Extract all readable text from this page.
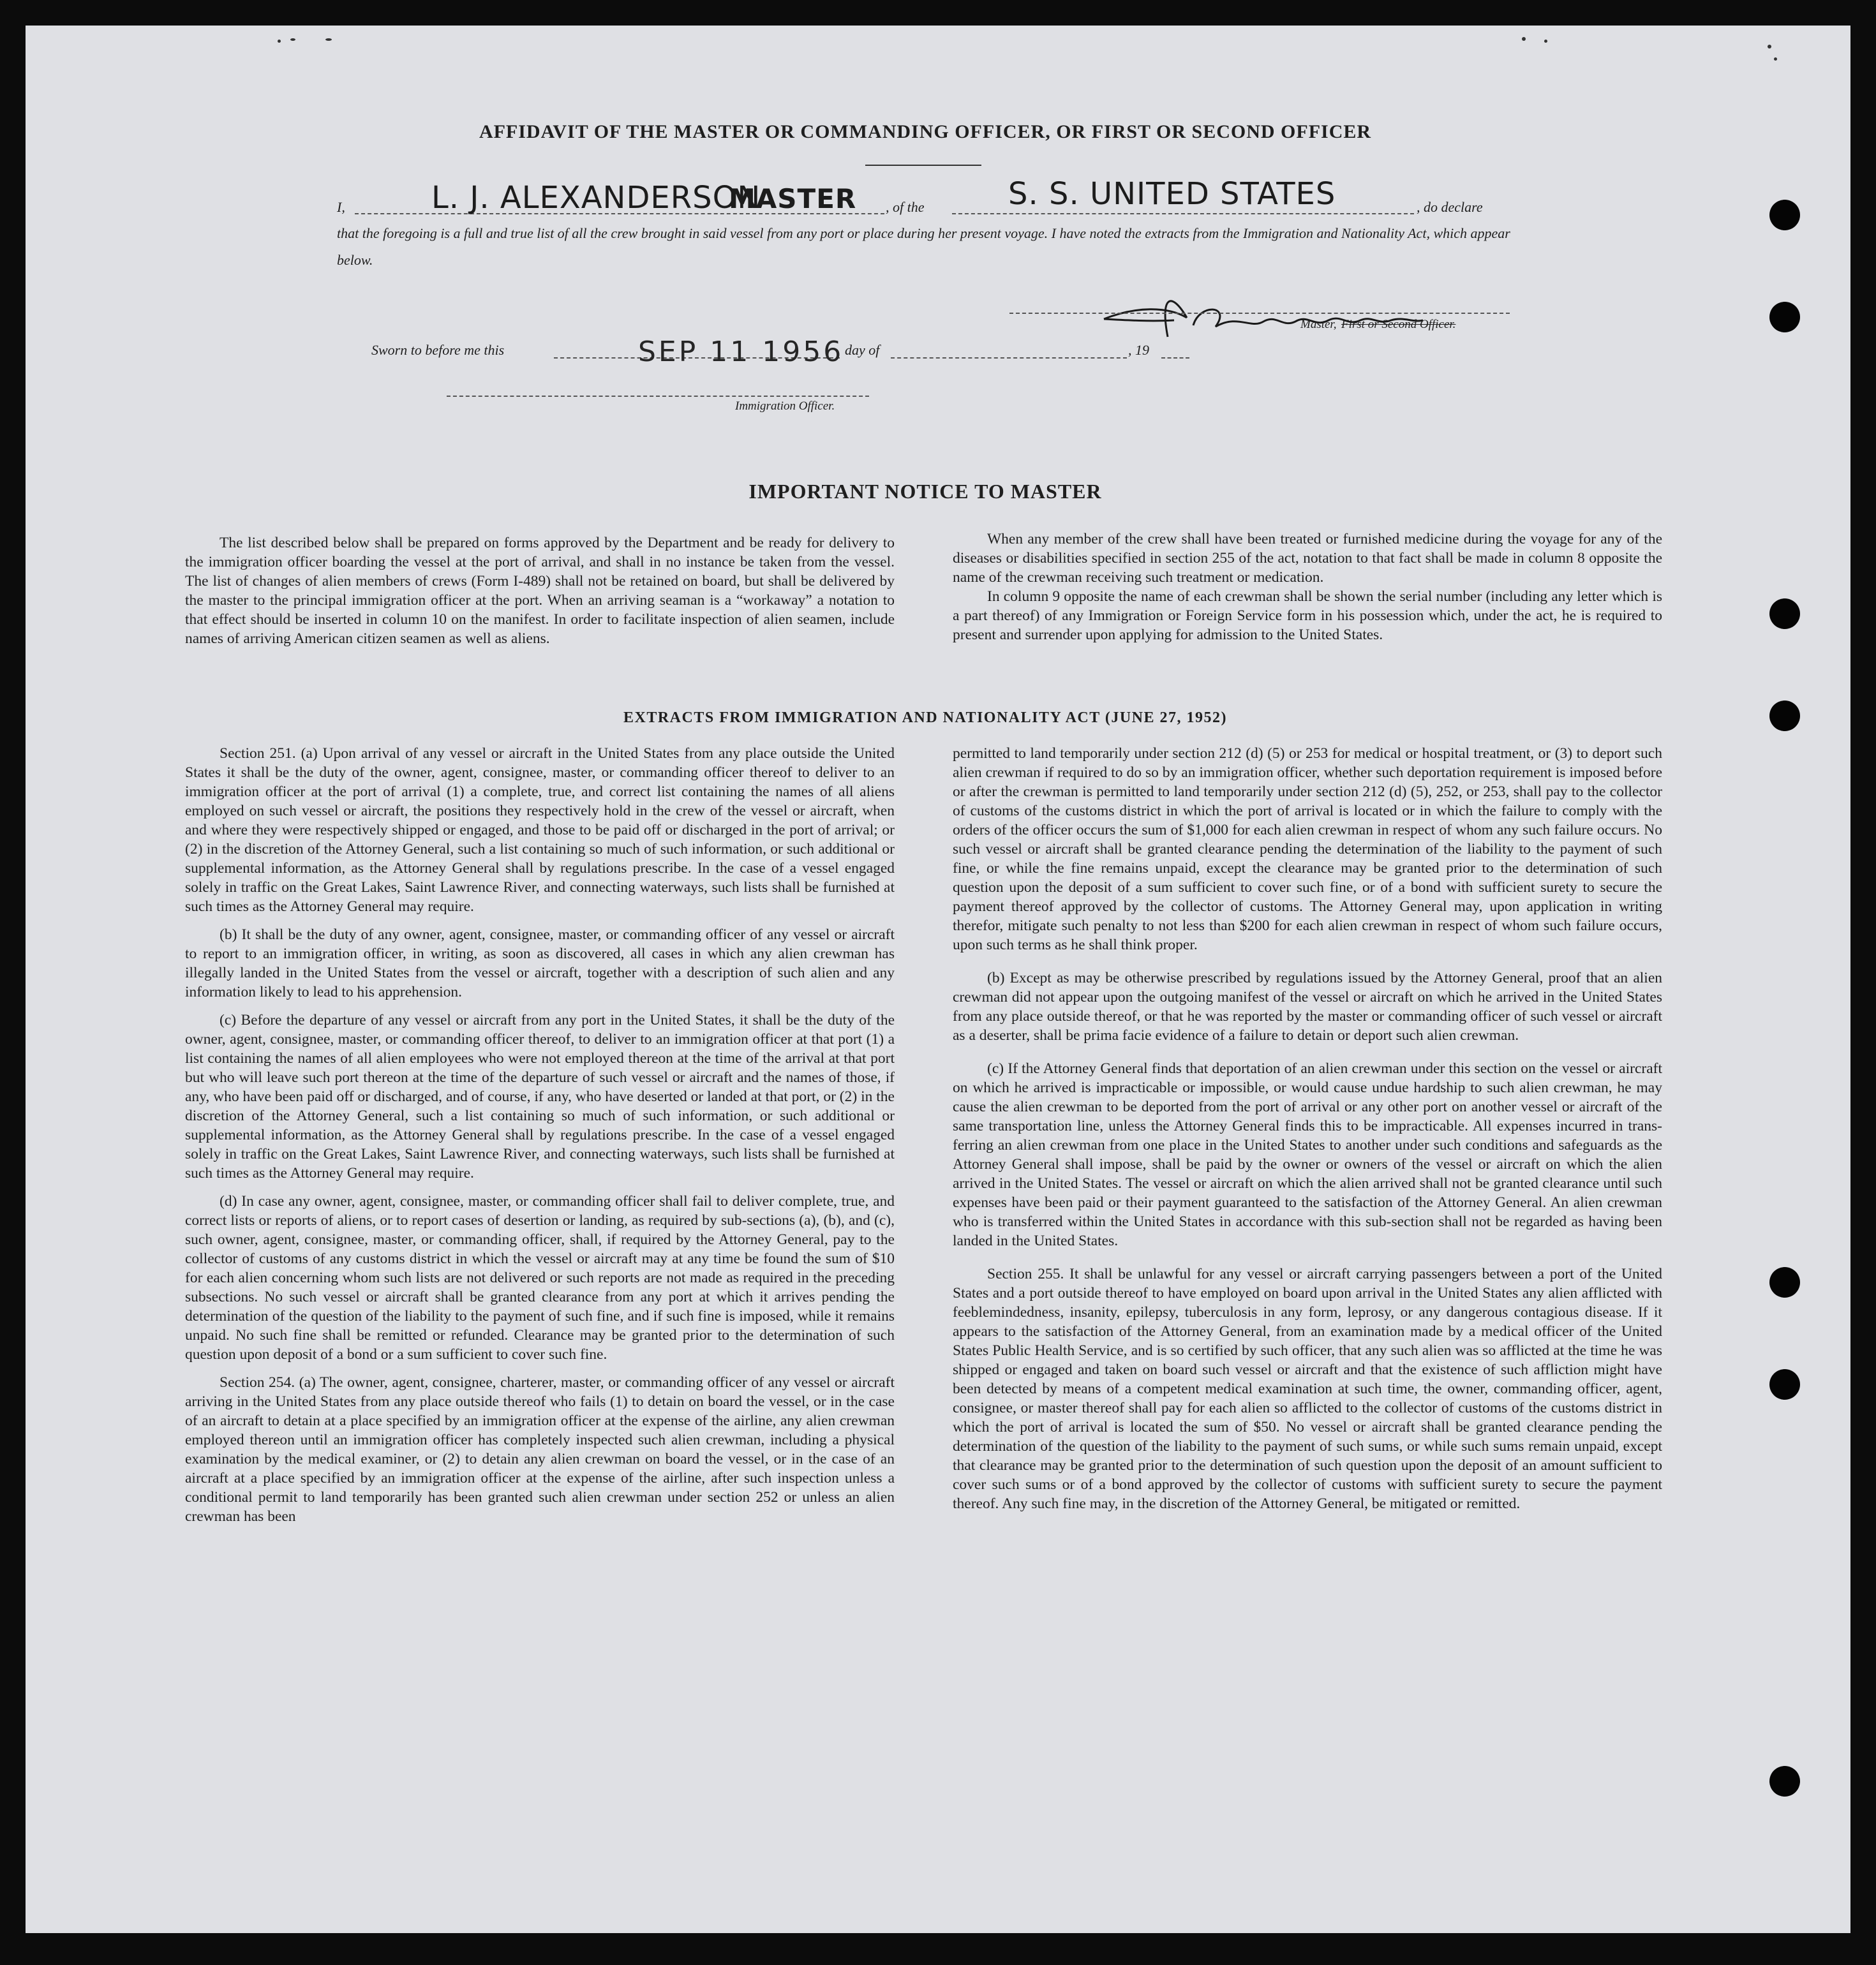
AFFIDAVIT OF THE MASTER OR COMMANDING OFFICER, OR FIRST OR SECOND OFFICER
I,	L. J. ALEXANDERSON
MASTER , of the	S. S. UNITED STATES	, do declare
that the foregoing is a full and true list of all the crew brought in said vessel from any port or place during her present voyage. I have noted the extracts from the Immigration and Nationality Act, which appear below.
Master, First or Second Officer.
Sworn to before me this	SEP 11 1956 day of	, 19
Immigration Officer.
IMPORTANT NOTICE TO MASTER

The list described below shall be prepared on forms approved by the Department and be ready for delivery to the immigration officer boarding the vessel at the port of arrival, and shall in no instance be taken from the vessel. The list of changes of alien members of crews (Form I-489) shall not be retained on board, but shall be delivered by the master to the principal immigration officer at the port. When an arriving seaman is a “workaway” a notation to that effect should be inserted in column 10 on the manifest. In order to facilitate inspection of alien seamen, include names of arriving American citizen seamen as well as aliens.

When any member of the crew shall have been treated or furnished medicine during the voyage for any of the diseases or disabilities specified in section 255 of the act, notation to that fact shall be made in column 8 opposite the name of the crewman receiving such treatment or medication.

In column 9 opposite the name of each crewman shall be shown the serial number (including any letter which is a part thereof) of any Immigration or Foreign Service form in his possession which, under the act, he is required to present and surrender upon applying for admission to the United States.

EXTRACTS FROM IMMIGRATION AND NATIONALITY ACT (JUNE 27, 1952)

Section 251. (a) Upon arrival of any vessel or aircraft in the United States from any place outside the United States it shall be the duty of the owner, agent, consignee, master, or commanding officer thereof to deliver to an immigration officer at the port of arrival (1) a complete, true, and correct list containing the names of all aliens employed on such vessel or aircraft, the positions they respectively hold in the crew of the vessel or aircraft, when and where they were respectively shipped or engaged, and those to be paid off or discharged in the port of arrival; or (2) in the discretion of the Attorney General, such a list containing so much of such information, or such additional or supplemental information, as the Attorney General shall by regulations prescribe. In the case of a vessel engaged solely in traffic on the Great Lakes, Saint Lawrence River, and connecting waterways, such lists shall be furnished at such times as the Attorney General may require.

(b) It shall be the duty of any owner, agent, consignee, master, or commanding officer of any vessel or aircraft to report to an immigration officer, in writing, as soon as discovered, all cases in which any alien crewman has illegally landed in the United States from the vessel or aircraft, together with a description of such alien and any information likely to lead to his apprehension.

(c) Before the departure of any vessel or aircraft from any port in the United States, it shall be the duty of the owner, agent, consignee, master, or commanding officer thereof, to deliver to an immigration officer at that port (1) a list containing the names of all alien employees who were not employed thereon at the time of the arrival at that port but who will leave such port thereon at the time of the departure of such vessel or aircraft and the names of those, if any, who have been paid off or discharged, and of course, if any, who have deserted or landed at that port, or (2) in the discretion of the Attorney General, such a list containing so much of such information, or such additional or supplemental information, as the Attorney General shall by regulations prescribe. In the case of a vessel engaged solely in traffic on the Great Lakes, Saint Lawrence River, and connecting waterways, such lists shall be furnished at such times as the Attorney General may require.

(d) In case any owner, agent, consignee, master, or commanding officer shall fail to deliver complete, true, and correct lists or reports of aliens, or to report cases of desertion or landing, as required by sub-sections (a), (b), and (c), such owner, agent, consignee, master, or commanding officer, shall, if required by the Attorney General, pay to the collector of customs of any customs district in which the vessel or aircraft may at any time be found the sum of $10 for each alien concerning whom such lists are not delivered or such reports are not made as required in the preceding subsections. No such vessel or aircraft shall be granted clearance from any port at which it arrives pending the determination of the question of the liability to the payment of such fine, and if such fine is imposed, while it remains unpaid. No such fine shall be remitted or refunded. Clearance may be granted prior to the determination of such question upon deposit of a bond or a sum sufficient to cover such fine.

Section 254. (a) The owner, agent, consignee, charterer, master, or commanding officer of any vessel or aircraft arriving in the United States from any place outside thereof who fails (1) to detain on board the vessel, or in the case of an aircraft to detain at a place specified by an immigration officer at the expense of the airline, any alien crewman employed thereon until an immigration officer has completely inspected such alien crewman, including a physical examination by the medical examiner, or (2) to detain any alien crewman on board the vessel, or in the case of an aircraft at a place specified by an immigration officer at the expense of the airline, after such inspection unless a conditional permit to land temporarily has been granted such alien crewman under section 252 or unless an alien crewman has been

permitted to land temporarily under section 212 (d) (5) or 253 for medical or hospital treatment, or (3) to deport such alien crewman if required to do so by an immigration officer, whether such deportation requirement is imposed before or after the crewman is permitted to land temporarily under section 212 (d) (5), 252, or 253, shall pay to the collector of customs of the customs district in which the port of arrival is located or in which the failure to comply with the orders of the officer occurs the sum of $1,000 for each alien crewman in respect of whom any such failure occurs. No such vessel or aircraft shall be granted clearance pending the determination of the liability to the payment of such fine, or while the fine remains unpaid, except the clearance may be granted prior to the determination of such question upon the deposit of a sum sufficient to cover such fine, or of a bond with sufficient surety to secure the payment thereof approved by the collector of customs. The Attorney General may, upon application in writing therefor, mitigate such penalty to not less than $200 for each alien crewman in respect of whom such failure occurs, upon such terms as he shall think proper.

(b) Except as may be otherwise prescribed by regulations issued by the Attorney General, proof that an alien crewman did not appear upon the outgoing manifest of the vessel or aircraft on which he arrived in the United States from any place outside thereof, or that he was reported by the master or commanding officer of such vessel or aircraft as a deserter, shall be prima facie evidence of a failure to detain or deport such alien crewman.

(c) If the Attorney General finds that deportation of an alien crewman under this section on the vessel or aircraft on which he arrived is impracticable or impossible, or would cause undue hardship to such alien crewman, he may cause the alien crewman to be deported from the port of arrival or any other port on another vessel or aircraft of the same transportation line, unless the Attorney General finds this to be impracticable. All expenses incurred in transferring an alien crewman from one place in the United States to another under such conditions and safeguards as the Attorney General shall impose, shall be paid by the owner or owners of the vessel or aircraft on which the alien arrived in the United States. The vessel or aircraft on which the alien arrived shall not be granted clearance until such expenses have been paid or their payment guaranteed to the satisfaction of the Attorney General. An alien crewman who is transferred within the United States in accordance with this sub-section shall not be regarded as having been landed in the United States.

Section 255. It shall be unlawful for any vessel or aircraft carrying passengers between a port of the United States and a port outside thereof to have employed on board upon arrival in the United States any alien afflicted with feeblemindedness, insanity, epilepsy, tuberculosis in any form, leprosy, or any dangerous contagious disease. If it appears to the satisfaction of the Attorney General, from an examination made by a medical officer of the United States Public Health Service, and is so certified by such officer, that any such alien was so afflicted at the time he was shipped or engaged and taken on board such vessel or aircraft and that the existence of such affliction might have been detected by means of a competent medical examination at such time, the owner, commanding officer, agent, consignee, or master thereof shall pay for each alien so afflicted to the collector of customs of the customs district in which the port of arrival is located the sum of $50. No vessel or aircraft shall be granted clearance pending the determination of the question of the liability to the payment of such sums, or while such sums remain unpaid, except that clearance may be granted prior to the determination of such question upon the deposit of an amount sufficient to cover such sums or of a bond approved by the collector of customs with sufficient surety to secure the payment thereof. Any such fine may, in the discretion of the Attorney General, be mitigated or remitted.
